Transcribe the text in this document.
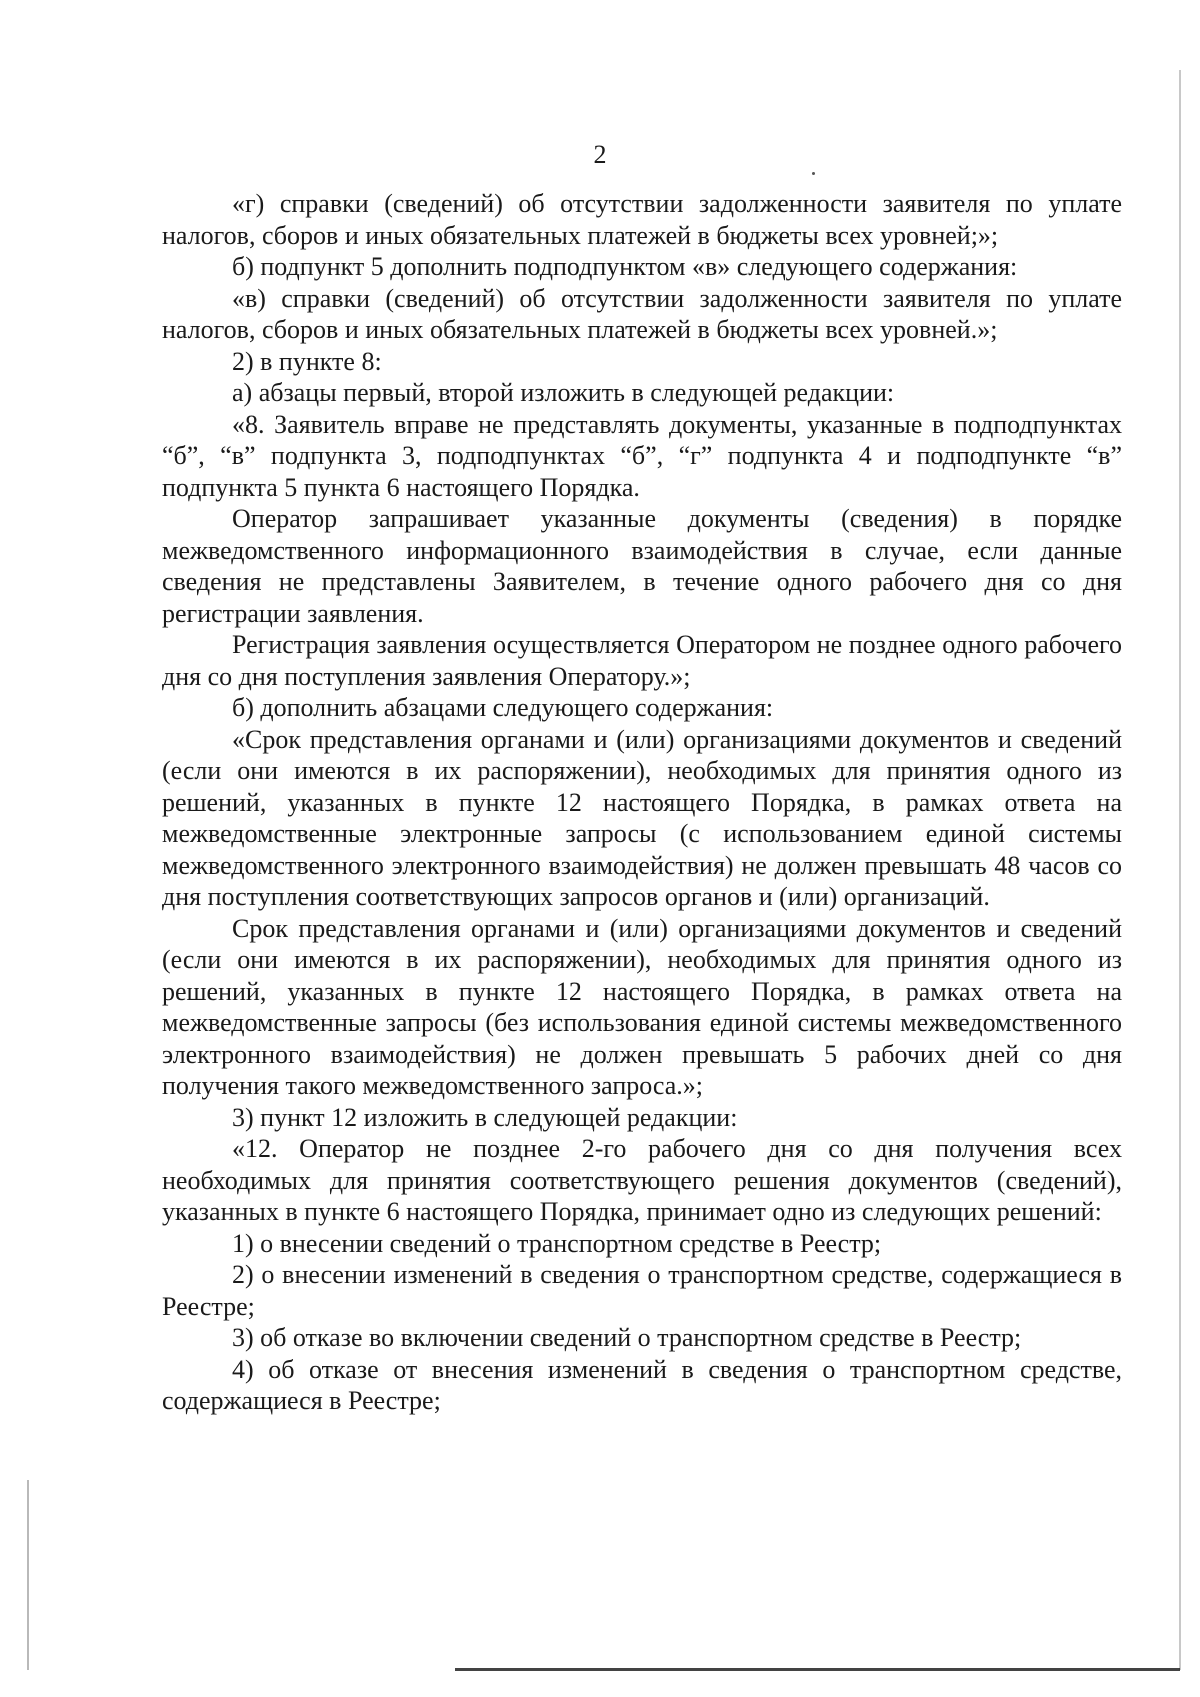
2

«г) справки (сведений) об отсутствии задолженности заявителя по уплате налогов, сборов и иных обязательных платежей в бюджеты всех уровней;»;

б) подпункт 5 дополнить подподпунктом «в» следующего содержания:

«в) справки (сведений) об отсутствии задолженности заявителя по уплате налогов, сборов и иных обязательных платежей в бюджеты всех уровней.»;

2) в пункте 8:

а) абзацы первый, второй изложить в следующей редакции:

«8. Заявитель вправе не представлять документы, указанные в подподпунктах “б”, “в” подпункта 3, подподпунктах “б”, “г” подпункта 4 и подподпункте “в” подпункта 5 пункта 6 настоящего Порядка.

Оператор запрашивает указанные документы (сведения) в порядке межведомственного информационного взаимодействия в случае, если данные сведения не представлены Заявителем, в течение одного рабочего дня со дня регистрации заявления.

Регистрация заявления осуществляется Оператором не позднее одного рабочего дня со дня поступления заявления Оператору.»;

б) дополнить абзацами следующего содержания:

«Срок представления органами и (или) организациями документов и сведений (если они имеются в их распоряжении), необходимых для принятия одного из решений, указанных в пункте 12 настоящего Порядка, в рамках ответа на межведомственные электронные запросы (с использованием единой системы межведомственного электронного взаимодействия) не должен превышать 48 часов со дня поступления соответствующих запросов органов и (или) организаций.

Срок представления органами и (или) организациями документов и сведений (если они имеются в их распоряжении), необходимых для принятия одного из решений, указанных в пункте 12 настоящего Порядка, в рамках ответа на межведомственные запросы (без использования единой системы межведомственного электронного взаимодействия) не должен превышать 5 рабочих дней со дня получения такого межведомственного запроса.»;

3) пункт 12 изложить в следующей редакции:

«12. Оператор не позднее 2-го рабочего дня со дня получения всех необходимых для принятия соответствующего решения документов (сведений), указанных в пункте 6 настоящего Порядка, принимает одно из следующих решений:

1) о внесении сведений о транспортном средстве в Реестр;

2) о внесении изменений в сведения о транспортном средстве, содержащиеся в Реестре;

3) об отказе во включении сведений о транспортном средстве в Реестр;

4) об отказе от внесения изменений в сведения о транспортном средстве, содержащиеся в Реестре;
